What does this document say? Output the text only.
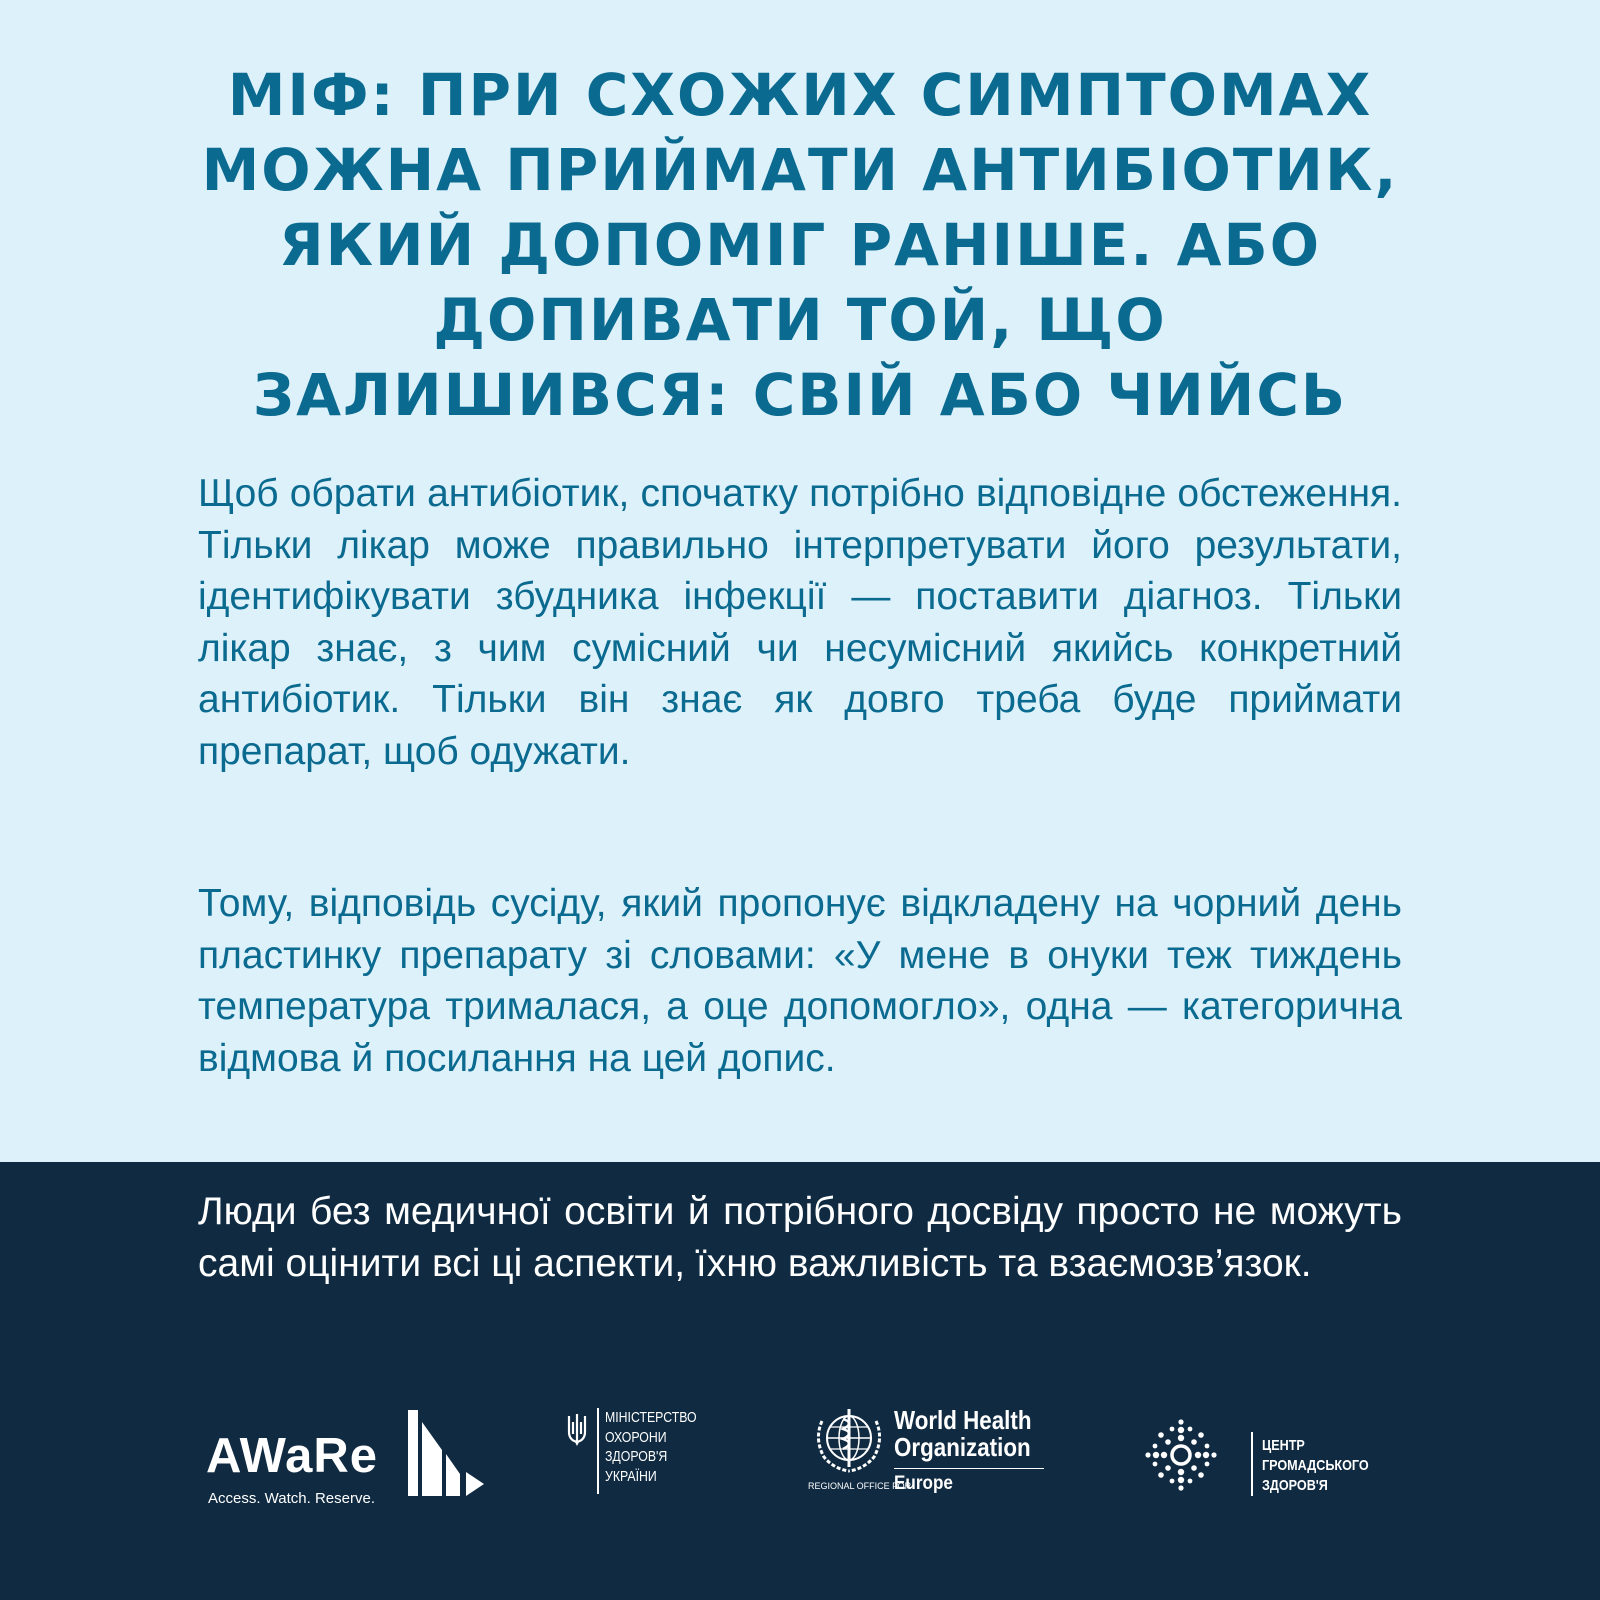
МІФ: ПРИ СХОЖИХ СИМПТОМАХ
МОЖНА ПРИЙМАТИ АНТИБІОТИК,
ЯКИЙ ДОПОМІГ РАНІШЕ. АБО
ДОПИВАТИ ТОЙ, ЩО
ЗАЛИШИВСЯ: СВІЙ АБО ЧИЙСЬ

Щоб обрати антибіотик, спочатку потрібно відповідне обстеження. Тільки лікар може правильно інтерпретувати його результати, ідентифікувати збудника інфекції — поставити діагноз. Тільки лікар знає, з чим сумісний чи несумісний якийсь конкретний антибіотик. Тільки він знає як довго треба буде приймати препарат, щоб одужати.

Тому, відповідь сусіду, який пропонує відкладену на чорний день пластинку препарату зі словами: «У мене в онуки теж тиждень температура трималася, а оце допомогло», одна — категорична відмова й посилання на цей допис.

Люди без медичної освіти й потрібного досвіду просто не можуть самі оцінити всі ці аспекти, їхню важливість та взаємозв’язок.

AWaRe
Access. Watch. Reserve.
МІНІСТЕРСТВО
ОХОРОНИ
ЗДОРОВ'Я
УКРАЇНИ
World Health
Organization
REGIONAL OFFICE FOR
Europe
ЦЕНТР
ГРОМАДСЬКОГО
ЗДОРОВ'Я
